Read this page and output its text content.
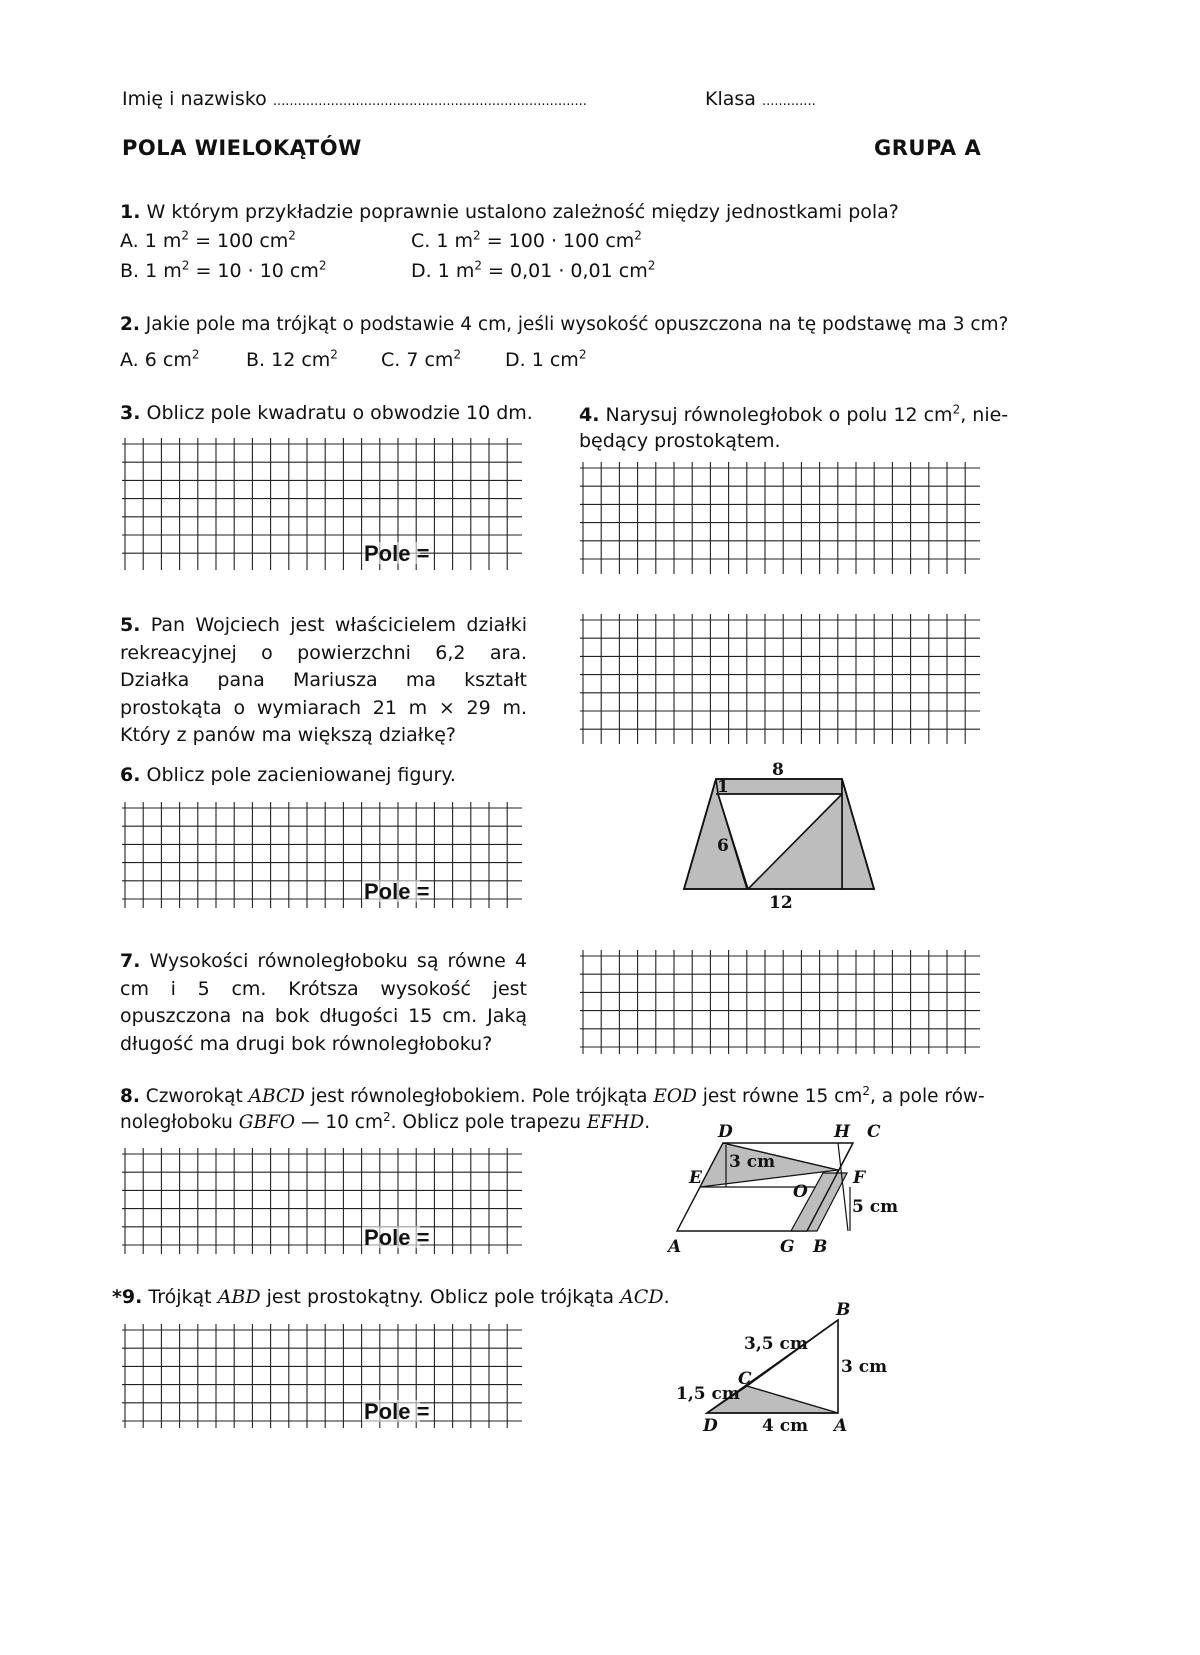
Imię i nazwisko ............................................................................	Klasa .............
POLA WIELOKĄTÓW	GRUPA A
1. W którym przykładzie poprawnie ustalono zależność między jednostkami pola?
A. 1 $m^2 = 100$ $cm^2$	C. 1 $m^2 = 100 \cdot 100$ $cm^2$
B. 1 $m^2 = 10 \cdot 10$ $cm^2$	D. 1 $m^2 = 0,01 \cdot 0,01$ $cm^2$
2. Jakie pole ma trójkąt o podstawie 4 cm, jeśli wysokość opuszczona na tę podstawę ma 3 cm?
A. 6 $cm^2$ B. 12 $cm^2$ C. 7 $cm^2$ D. 1 $cm^2$
3. Oblicz pole kwadratu o obwodzie 10 dm.
Pole =
4. Narysuj równoległobok o polu 12 $cm^2$, nie-
będący prostokątem.
5. Pan Wojciech jest właścicielem działki rekreacyjnej o powierzchni 6,2 ara. Działka pana Mariusza ma kształt prostokąta o wymiarach 21 m × 29 m. Który z panów ma większą działkę?
6. Oblicz pole zacieniowanej figury.
Pole =
8
1
6
12
7. Wysokości równoległoboku są równe 4 cm i 5 cm. Krótsza wysokość jest opuszczona na bok długości 15 cm. Jaką długość ma drugi bok równoległoboku?
8. Czworokąt ABCD jest równoległobokiem. Pole trójkąta EOD jest równe 15 $cm^2$, a pole rów-
noległoboku GBFO — 10 $cm^2$. Oblicz pole trapezu EFHD.
Pole =
D	H C
E	F
O
A	G B
3 cm
5 cm
*9. Trójkąt ABD jest prostokątny. Oblicz pole trójkąta ACD.
Pole =
B
C
D	A
3,5 cm
3 cm
1,5 cm
4 cm
